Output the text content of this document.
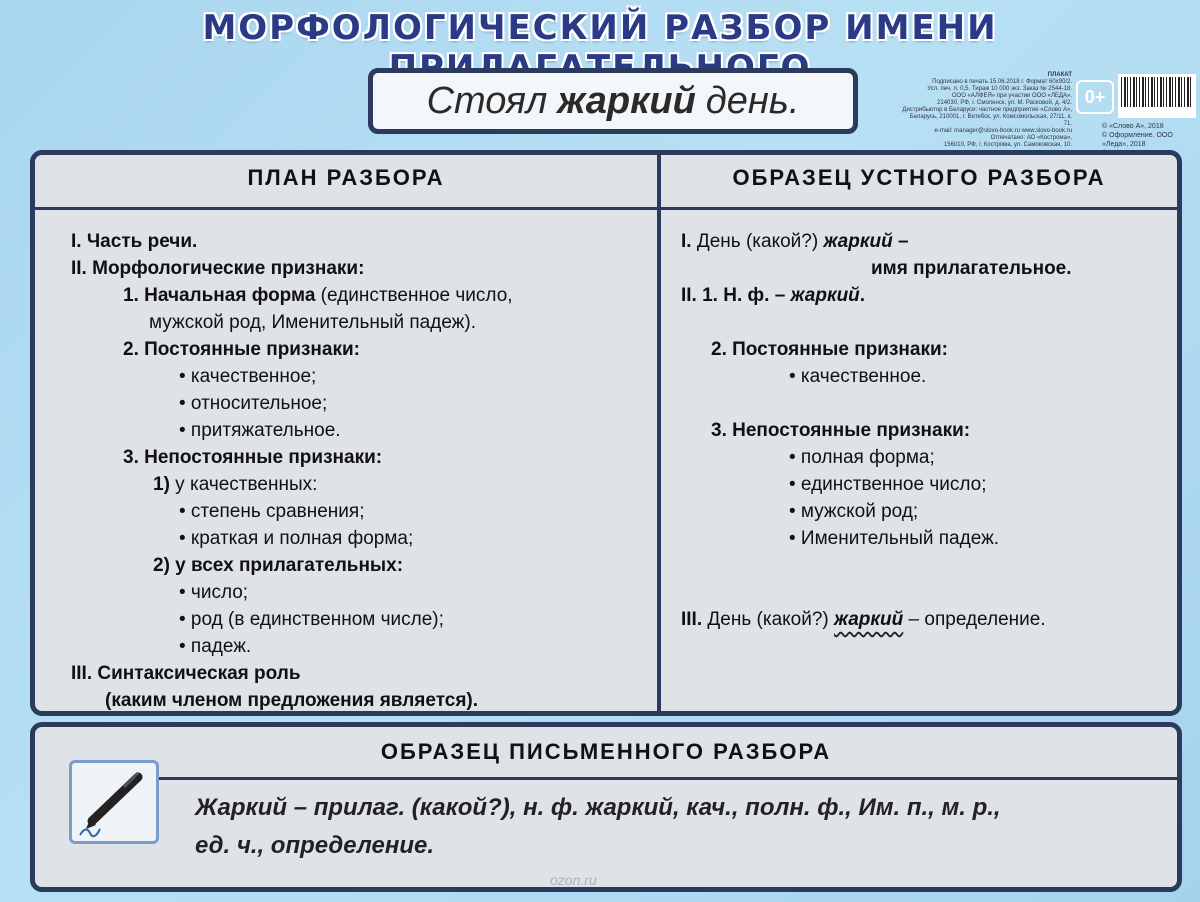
МОРФОЛОГИЧЕСКИЙ РАЗБОР ИМЕНИ
Стоял жаркий день.
ПЛАКАТ
Подписано в печать 15.06.2018 г. Формат 60х90/2.
Усл. печ. л. 0,5. Тираж 10 000 экз. Заказ № 2544-18.
ООО «АЛФЕЯ» при участии ООО «ЛЕДА».
214030, РФ, г. Смоленск, ул. М. Расковой, д. 4/2.
Дистрибьютор в Беларуси: частное предприятие «Слово А»,
Беларусь, 210001, г. Витебск, ул. Комсомольская, 27/11, к. 71.
e-mail: manager@slovo-book.ru www.slovo-book.ru
Отпечатано: АО «Кострома»,
156010, РФ, г. Кострома, ул. Самоковская, 10.
0+
© «Слово А», 2018
© Оформление. ООО «Леда», 2018
ПЛАН РАЗБОРА	ОБРАЗЕЦ УСТНОГО РАЗБОРА
I. Часть речи.
II. Морфологические признаки:
1. Начальная форма (единственное число,
мужской род, Именительный падеж).
2. Постоянные признаки:
• качественное;
• относительное;
• притяжательное.
3. Непостоянные признаки:
1) у качественных:
• степень сравнения;
• краткая и полная форма;
2) у всех прилагательных:
• число;
• род (в единственном числе);
• падеж.
III. Синтаксическая роль
(каким членом предложения является).
I. День (какой?) жаркий –
имя прилагательное.
II. 1. Н. ф. – жаркий.
2. Постоянные признаки:
• качественное.
3. Непостоянные признаки:
• полная форма;
• единственное число;
• мужской род;
• Именительный падеж.
III. День (какой?) жаркий – определение.
ОБРАЗЕЦ ПИСЬМЕННОГО РАЗБОРА
Жаркий – прилаг. (какой?), н. ф. жаркий, кач., полн. ф., Им. п., м. р.,
ед. ч., определение.
ozon.ru
